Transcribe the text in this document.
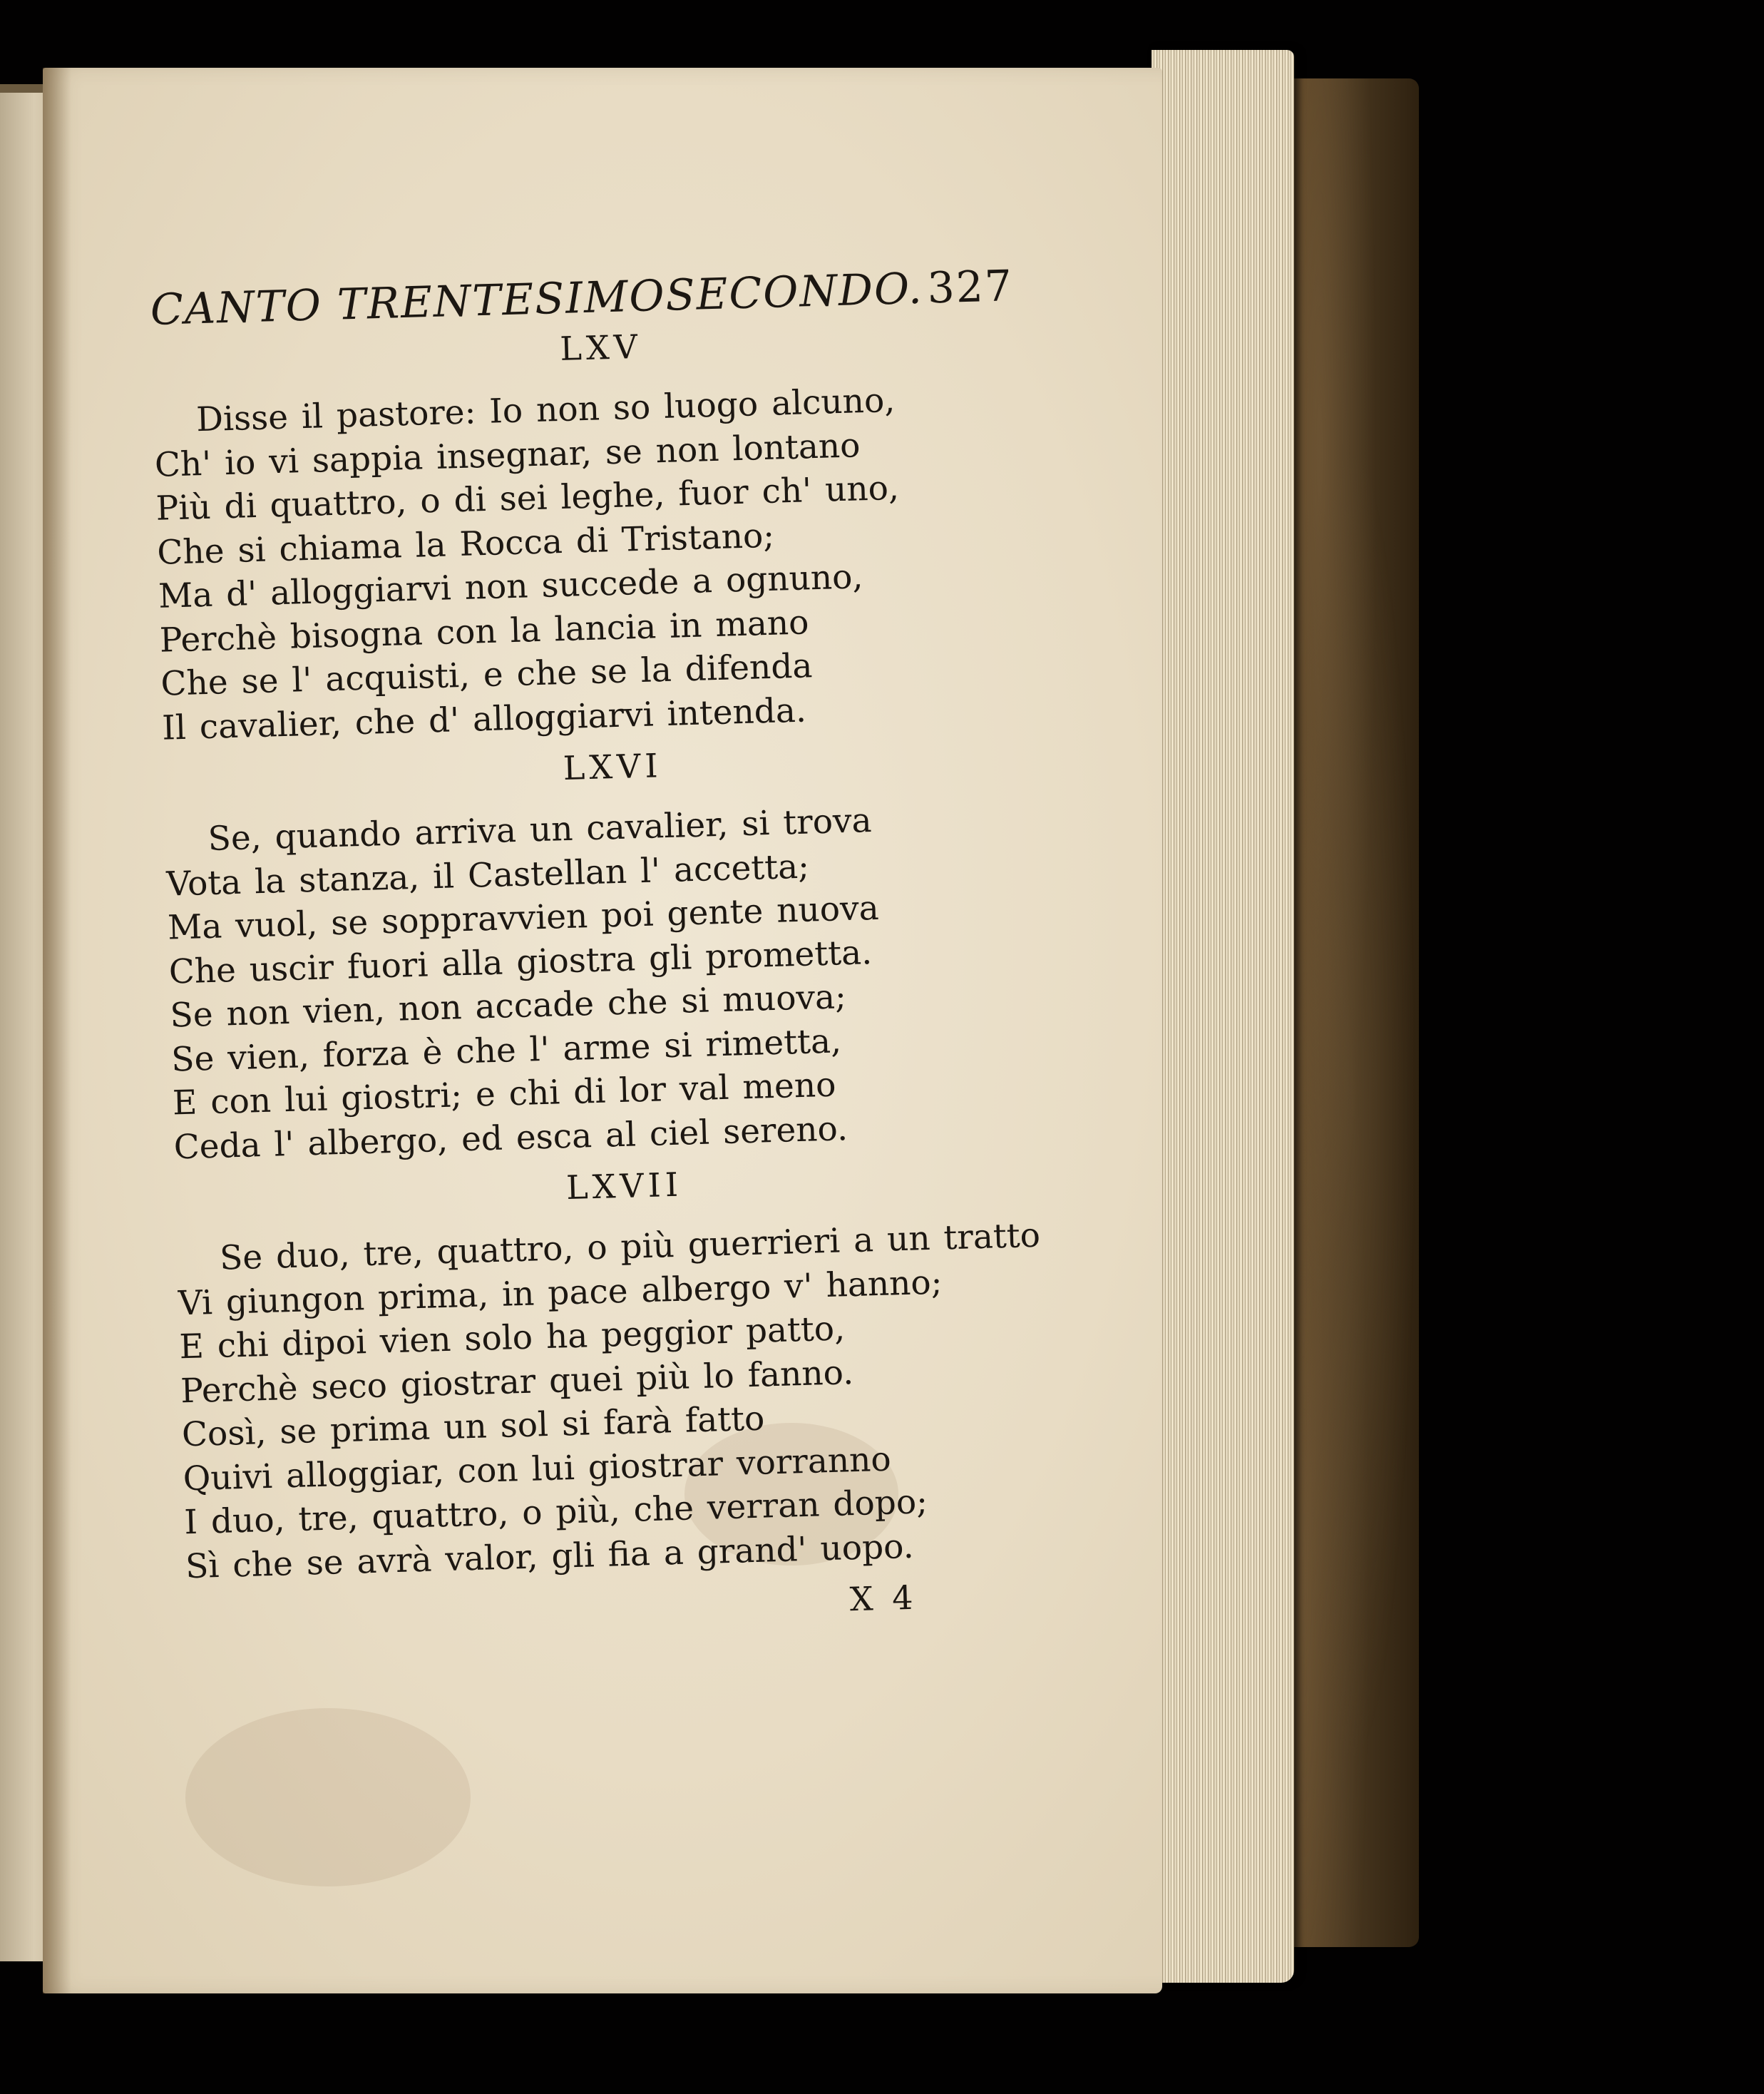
CANTO TRENTESIMOSECONDO. 327
LXV
Disse il pastore: Io non so luogo alcuno,
Ch' io vi sappia insegnar, se non lontano
Più di quattro, o di sei leghe, fuor ch' uno,
Che si chiama la Rocca di Tristano;
Ma d' alloggiarvi non succede a ognuno,
Perchè bisogna con la lancia in mano
Che se l' acquisti, e che se la difenda
Il cavalier, che d' alloggiarvi intenda.
LXVI
Se, quando arriva un cavalier, si trova
Vota la stanza, il Castellan l' accetta;
Ma vuol, se soppravvien poi gente nuova
Che uscir fuori alla giostra gli prometta.
Se non vien, non accade che si muova;
Se vien, forza è che l' arme si rimetta,
E con lui giostri; e chi di lor val meno
Ceda l' albergo, ed esca al ciel sereno.
LXVII
Se duo, tre, quattro, o più guerrieri a un tratto
Vi giungon prima, in pace albergo v' hanno;
E chi dipoi vien solo ha peggior patto,
Perchè seco giostrar quei più lo fanno.
Così, se prima un sol si farà fatto
Quivi alloggiar, con lui giostrar vorranno
I duo, tre, quattro, o più, che verran dopo;
Sì che se avrà valor, gli fia a grand' uopo.
X 4
